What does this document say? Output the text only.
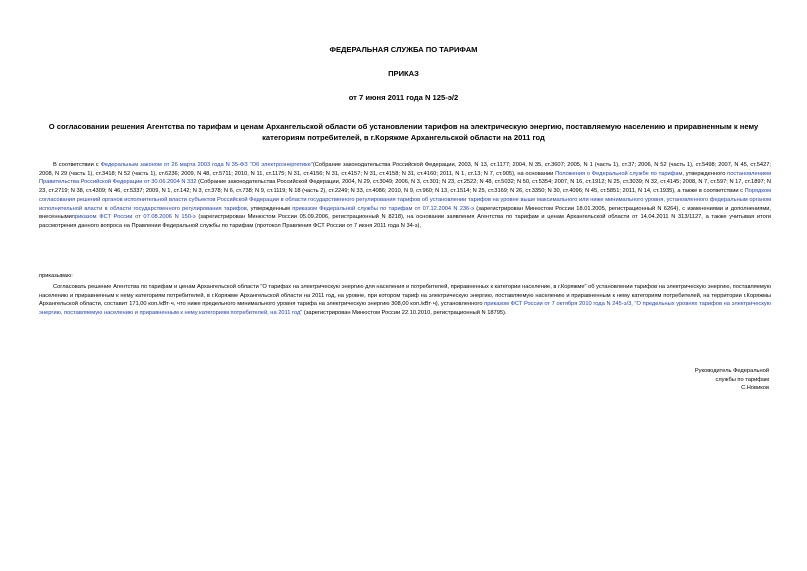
ФЕДЕРАЛЬНАЯ СЛУЖБА ПО ТАРИФАМ
ПРИКАЗ
от 7 июня 2011 года N 125-э/2
О согласовании решения Агентства по тарифам и ценам Архангельской области об установлении тарифов на электрическую энергию, поставляемую населению и приравненным к нему категориям потребителей, в г.Коряжме Архангельской области на 2011 год
В соответствии с Федеральным законом от 26 марта 2003 года N 35-ФЗ "Об электроэнергетике"(Собрание законодательства Российской Федерации, 2003, N 13, ст.1177; 2004, N 35, ст.3607; 2005, N 1 (часть 1), ст.37; 2006, N 52 (часть 1), ст.5498; 2007, N 45, ст.5427; 2008, N 29 (часть 1), ст.3418; N 52 (часть 1), ст.6236; 2009, N 48, ст.5711; 2010, N 11, ст.1175; N 31, ст.4156; N 31, ст.4157; N 31, ст.4158; N 31, ст.4160; 2011, N 1, ст.13; N 7, ст.905), на основании Положения о Федеральной службе по тарифам, утвержденного постановлением Правительства Российской Федерации от 30.06.2004 N 332 (Собрание законодательства Российской Федерации, 2004, N 29, ст.3049; 2006, N 3, ст.301; N 23, ст.2522; N 48, ст.5032; N 50, ст.5354; 2007, N 16, ст.1912; N 25, ст.3039; N 32, ст.4145; 2008, N 7, ст.597; N 17, ст.1897; N 23, ст.2719; N 38, ст.4309; N 46, ст.5337; 2009, N 1, ст.142; N 3, ст.378; N 6, ст.738; N 9, ст.1119; N 18 (часть 2), ст.2249; N 33, ст.4086; 2010, N 9, ст.960; N 13, ст.1514; N 25, ст.3169; N 26, ст.3350; N 30, ст.4096; N 45, ст.5851; 2011, N 14, ст.1935), а также в соответствии с Порядком согласования решений органов исполнительной власти субъектов Российской Федерации в области государственного регулирования тарифов об установлении тарифов на уровне выше максимального или ниже минимального уровня, установленного федеральным органом исполнительной власти в области государственного регулирования тарифов, утвержденным приказом Федеральной службы по тарифам от 07.12.2004 N 236-э (зарегистрирован Минюстом России 18.01.2005, регистрационный N 6264), с изменениями и дополнениями, внесеннымиприказом ФСТ России от 07.08.2006 N 150-э (зарегистрирован Минюстом России 05.09.2006, регистрационный N 8218), на основании заявления Агентства по тарифам и ценам Архангельской области от 14.04.2011 N 313/1127, а также учитывая итоги рассмотрения данного вопроса на Правлении Федеральной службы по тарифам (протокол Правления ФСТ России от 7 июня 2011 года N 34-э),
приказываю:
Согласовать решение Агентства по тарифам и ценам Архангельской области "О тарифах на электрическую энергию для населения и потребителей, приравненных к категории население, в г.Коряжме" об установлении тарифов на электрическую энергию, поставляемую населению и приравненным к нему категориям потребителей, в г.Коряжме Архангельской области на 2011 год, на уровне, при котором тариф на электрическую энергию, поставляемую населению и приравненным к нему категориям потребителей, на территории г.Коряжмы Архангельской области, составит 171,00 коп./кВт·ч, что ниже предельного минимального уровня тарифа на электрическую энергию 308,00 коп./кВт·ч), установленного приказом ФСТ России от 7 октября 2010 года N 245-э/3, "О предельных уровнях тарифов на электрическую энергию, поставляемую населению и приравненным к нему категориям потребителей, на 2011 год" (зарегистрирован Минюстом России 22.10.2010, регистрационный N 18795).
Руководитель Федеральной
службы по тарифам
С.Новиков
